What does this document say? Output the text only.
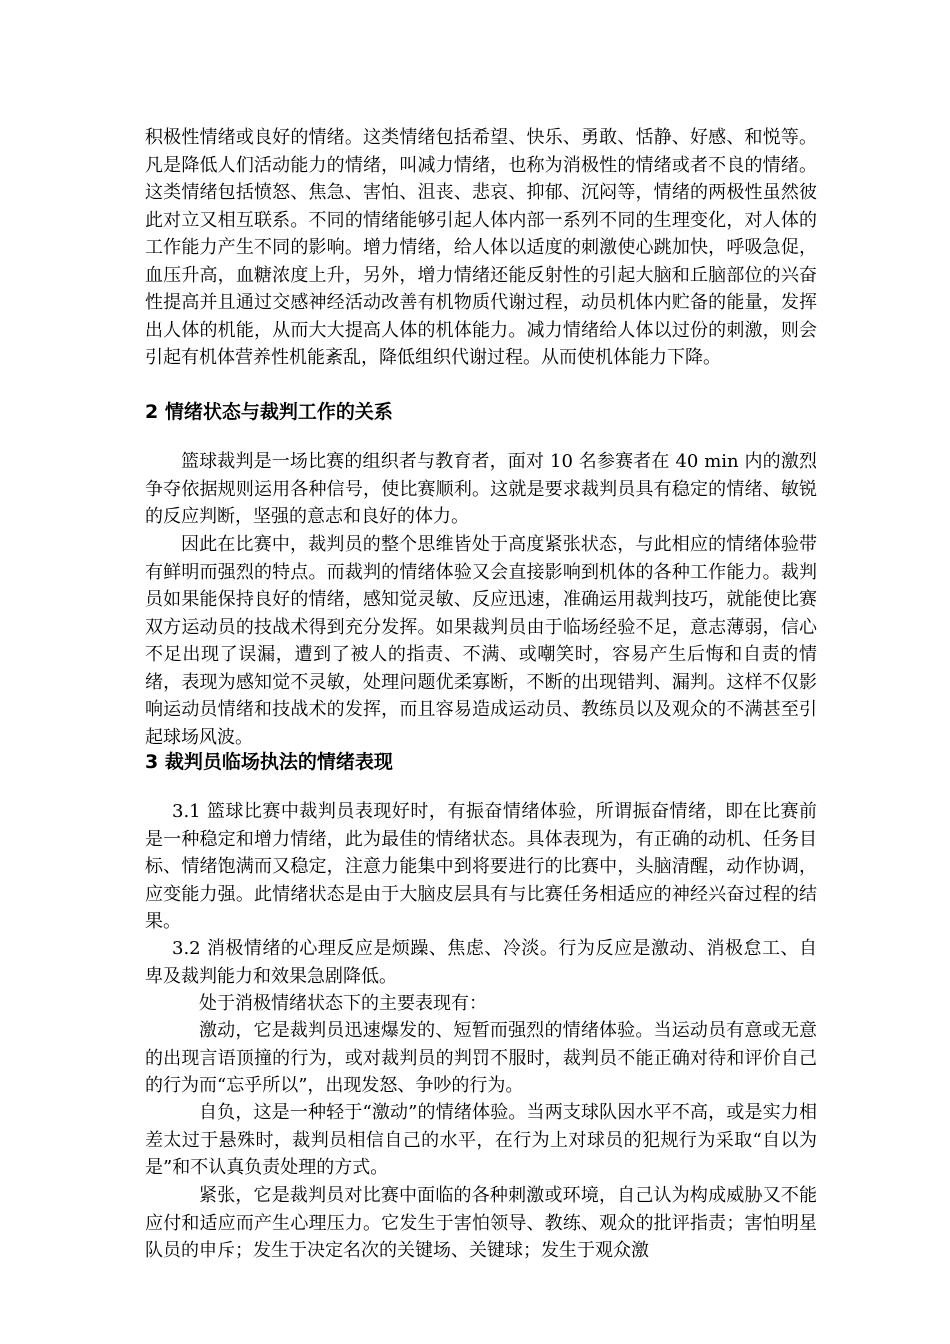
积极性情绪或良好的情绪。这类情绪包括希望、快乐、勇敢、恬静、好感、和悦等。凡是降低人们活动能力的情绪，叫减力情绪，也称为消极性的情绪或者不良的情绪。这类情绪包括愤怒、焦急、害怕、沮丧、悲哀、抑郁、沉闷等，情绪的两极性虽然彼此对立又相互联系。不同的情绪能够引起人体内部一系列不同的生理变化，对人体的工作能力产生不同的影响。增力情绪，给人体以适度的刺激使心跳加快，呼吸急促，血压升高，血糖浓度上升，另外，增力情绪还能反射性的引起大脑和丘脑部位的兴奋性提高并且通过交感神经活动改善有机物质代谢过程，动员机体内贮备的能量，发挥出人体的机能，从而大大提高人体的机体能力。减力情绪给人体以过份的刺激，则会引起有机体营养性机能紊乱，降低组织代谢过程。从而使机体能力下降。

2 情绪状态与裁判工作的关系

篮球裁判是一场比赛的组织者与教育者，面对 10 名参赛者在 40 min 内的激烈争夺依据规则运用各种信号，使比赛顺利。这就是要求裁判员具有稳定的情绪、敏锐的反应判断，坚强的意志和良好的体力。

因此在比赛中，裁判员的整个思维皆处于高度紧张状态，与此相应的情绪体验带有鲜明而强烈的特点。而裁判的情绪体验又会直接影响到机体的各种工作能力。裁判员如果能保持良好的情绪，感知觉灵敏、反应迅速，准确运用裁判技巧，就能使比赛双方运动员的技战术得到充分发挥。如果裁判员由于临场经验不足，意志薄弱，信心不足出现了误漏，遭到了被人的指责、不满、或嘲笑时，容易产生后悔和自责的情绪，表现为感知觉不灵敏，处理问题优柔寡断，不断的出现错判、漏判。这样不仅影响运动员情绪和技战术的发挥，而且容易造成运动员、教练员以及观众的不满甚至引起球场风波。

3 裁判员临场执法的情绪表现

3.1 篮球比赛中裁判员表现好时，有振奋情绪体验，所谓振奋情绪，即在比赛前是一种稳定和增力情绪，此为最佳的情绪状态。具体表现为，有正确的动机、任务目标、情绪饱满而又稳定，注意力能集中到将要进行的比赛中，头脑清醒，动作协调，应变能力强。此情绪状态是由于大脑皮层具有与比赛任务相适应的神经兴奋过程的结果。

3.2 消极情绪的心理反应是烦躁、焦虑、冷淡。行为反应是激动、消极怠工、自卑及裁判能力和效果急剧降低。

处于消极情绪状态下的主要表现有：

激动，它是裁判员迅速爆发的、短暂而强烈的情绪体验。当运动员有意或无意的出现言语顶撞的行为，或对裁判员的判罚不服时，裁判员不能正确对待和评价自己的行为而“忘乎所以”，出现发怒、争吵的行为。

自负，这是一种轻于“激动”的情绪体验。当两支球队因水平不高，或是实力相差太过于悬殊时，裁判员相信自己的水平，在行为上对球员的犯规行为采取“自以为是”和不认真负责处理的方式。

紧张，它是裁判员对比赛中面临的各种刺激或环境，自己认为构成威胁又不能应付和适应而产生心理压力。它发生于害怕领导、教练、观众的批评指责；害怕明星队员的申斥；发生于决定名次的关键场、关键球；发生于观众激
